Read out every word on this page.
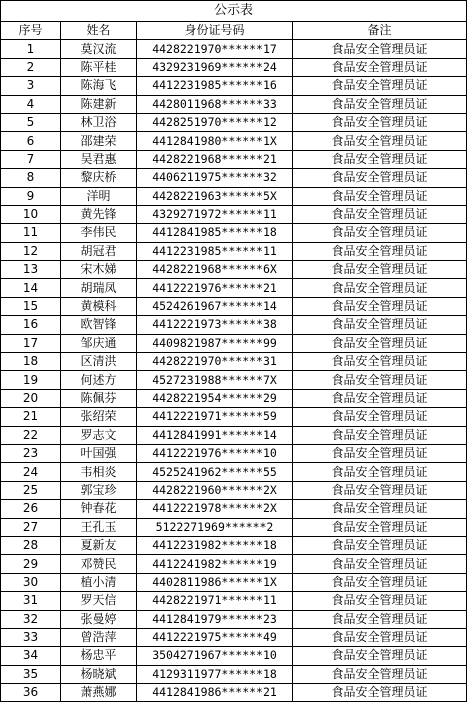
公示表			
序号	姓名	身份证号码	备注
1	莫汉流	4428221970******17	食品安全管理员证
2	陈平桂	4329231969******24	食品安全管理员证
3	陈海飞	4412231985******16	食品安全管理员证
4	陈建新	4428011968******33	食品安全管理员证
5	林卫浴	4428251970******12	食品安全管理员证
6	邵建荣	4412841980******1X	食品安全管理员证
7	吴君惠	4428221968******21	食品安全管理员证
8	黎庆桥	4406211975******32	食品安全管理员证
9	洋明	4428221963******5X	食品安全管理员证
10	黄先锋	4329271972******11	食品安全管理员证
11	李伟民	4412841985******18	食品安全管理员证
12	胡冠君	4412231985******11	食品安全管理员证
13	宋木娣	4428221968******6X	食品安全管理员证
14	胡瑞凤	4412221976******21	食品安全管理员证
15	黄模科	4524261967******14	食品安全管理员证
16	欧智锋	4412221973******38	食品安全管理员证
17	邹庆通	4409821987******99	食品安全管理员证
18	区清洪	4428221970******31	食品安全管理员证
19	何述方	4527231988******7X	食品安全管理员证
20	陈佩芬	4428221954******29	食品安全管理员证
21	张绍荣	4412221971******59	食品安全管理员证
22	罗志文	4412841991******14	食品安全管理员证
23	叶国强	4412221976******10	食品安全管理员证
24	韦相炎	4525241962******55	食品安全管理员证
25	郭宝珍	4428221960******2X	食品安全管理员证
26	钟春花	4412221978******2X	食品安全管理员证
27	王孔玉	5122271969******2	食品安全管理员证
28	夏新友	4412231982******18	食品安全管理员证
29	邓赞民	4412241982******19	食品安全管理员证
30	植小清	4402811986******1X	食品安全管理员证
31	罗天信	4428221971******11	食品安全管理员证
32	张曼婷	4412841979******23	食品安全管理员证
33	曾浩萍	4412221975******49	食品安全管理员证
34	杨忠平	3504271967******10	食品安全管理员证
35	杨晓斌	4129311977******18	食品安全管理员证
36	萧燕娜	4412841986******21	食品安全管理员证
